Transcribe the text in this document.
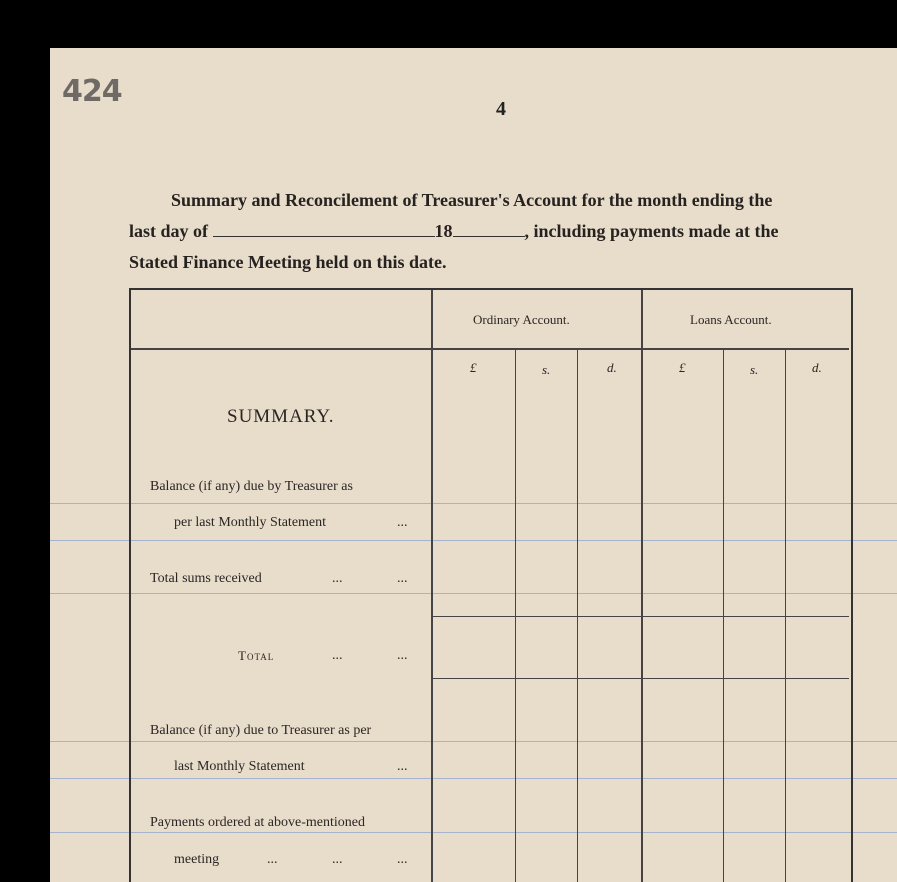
424	4
Summary and Reconcilement of Treasurer's Account for the month ending the
last day of	18	, including payments made at the
Stated Finance Meeting held on this date.
Ordinary Account.	Loans Account.
£	s.	d.	£	s.	d.
SUMMARY.
Balance (if any) due by Treasurer as
per last Monthly Statement	...
Total sums received	...	...
Total	...	...
Balance (if any) due to Treasurer as per
last Monthly Statement	...
Payments ordered at above-mentioned
meeting	...	...	...
